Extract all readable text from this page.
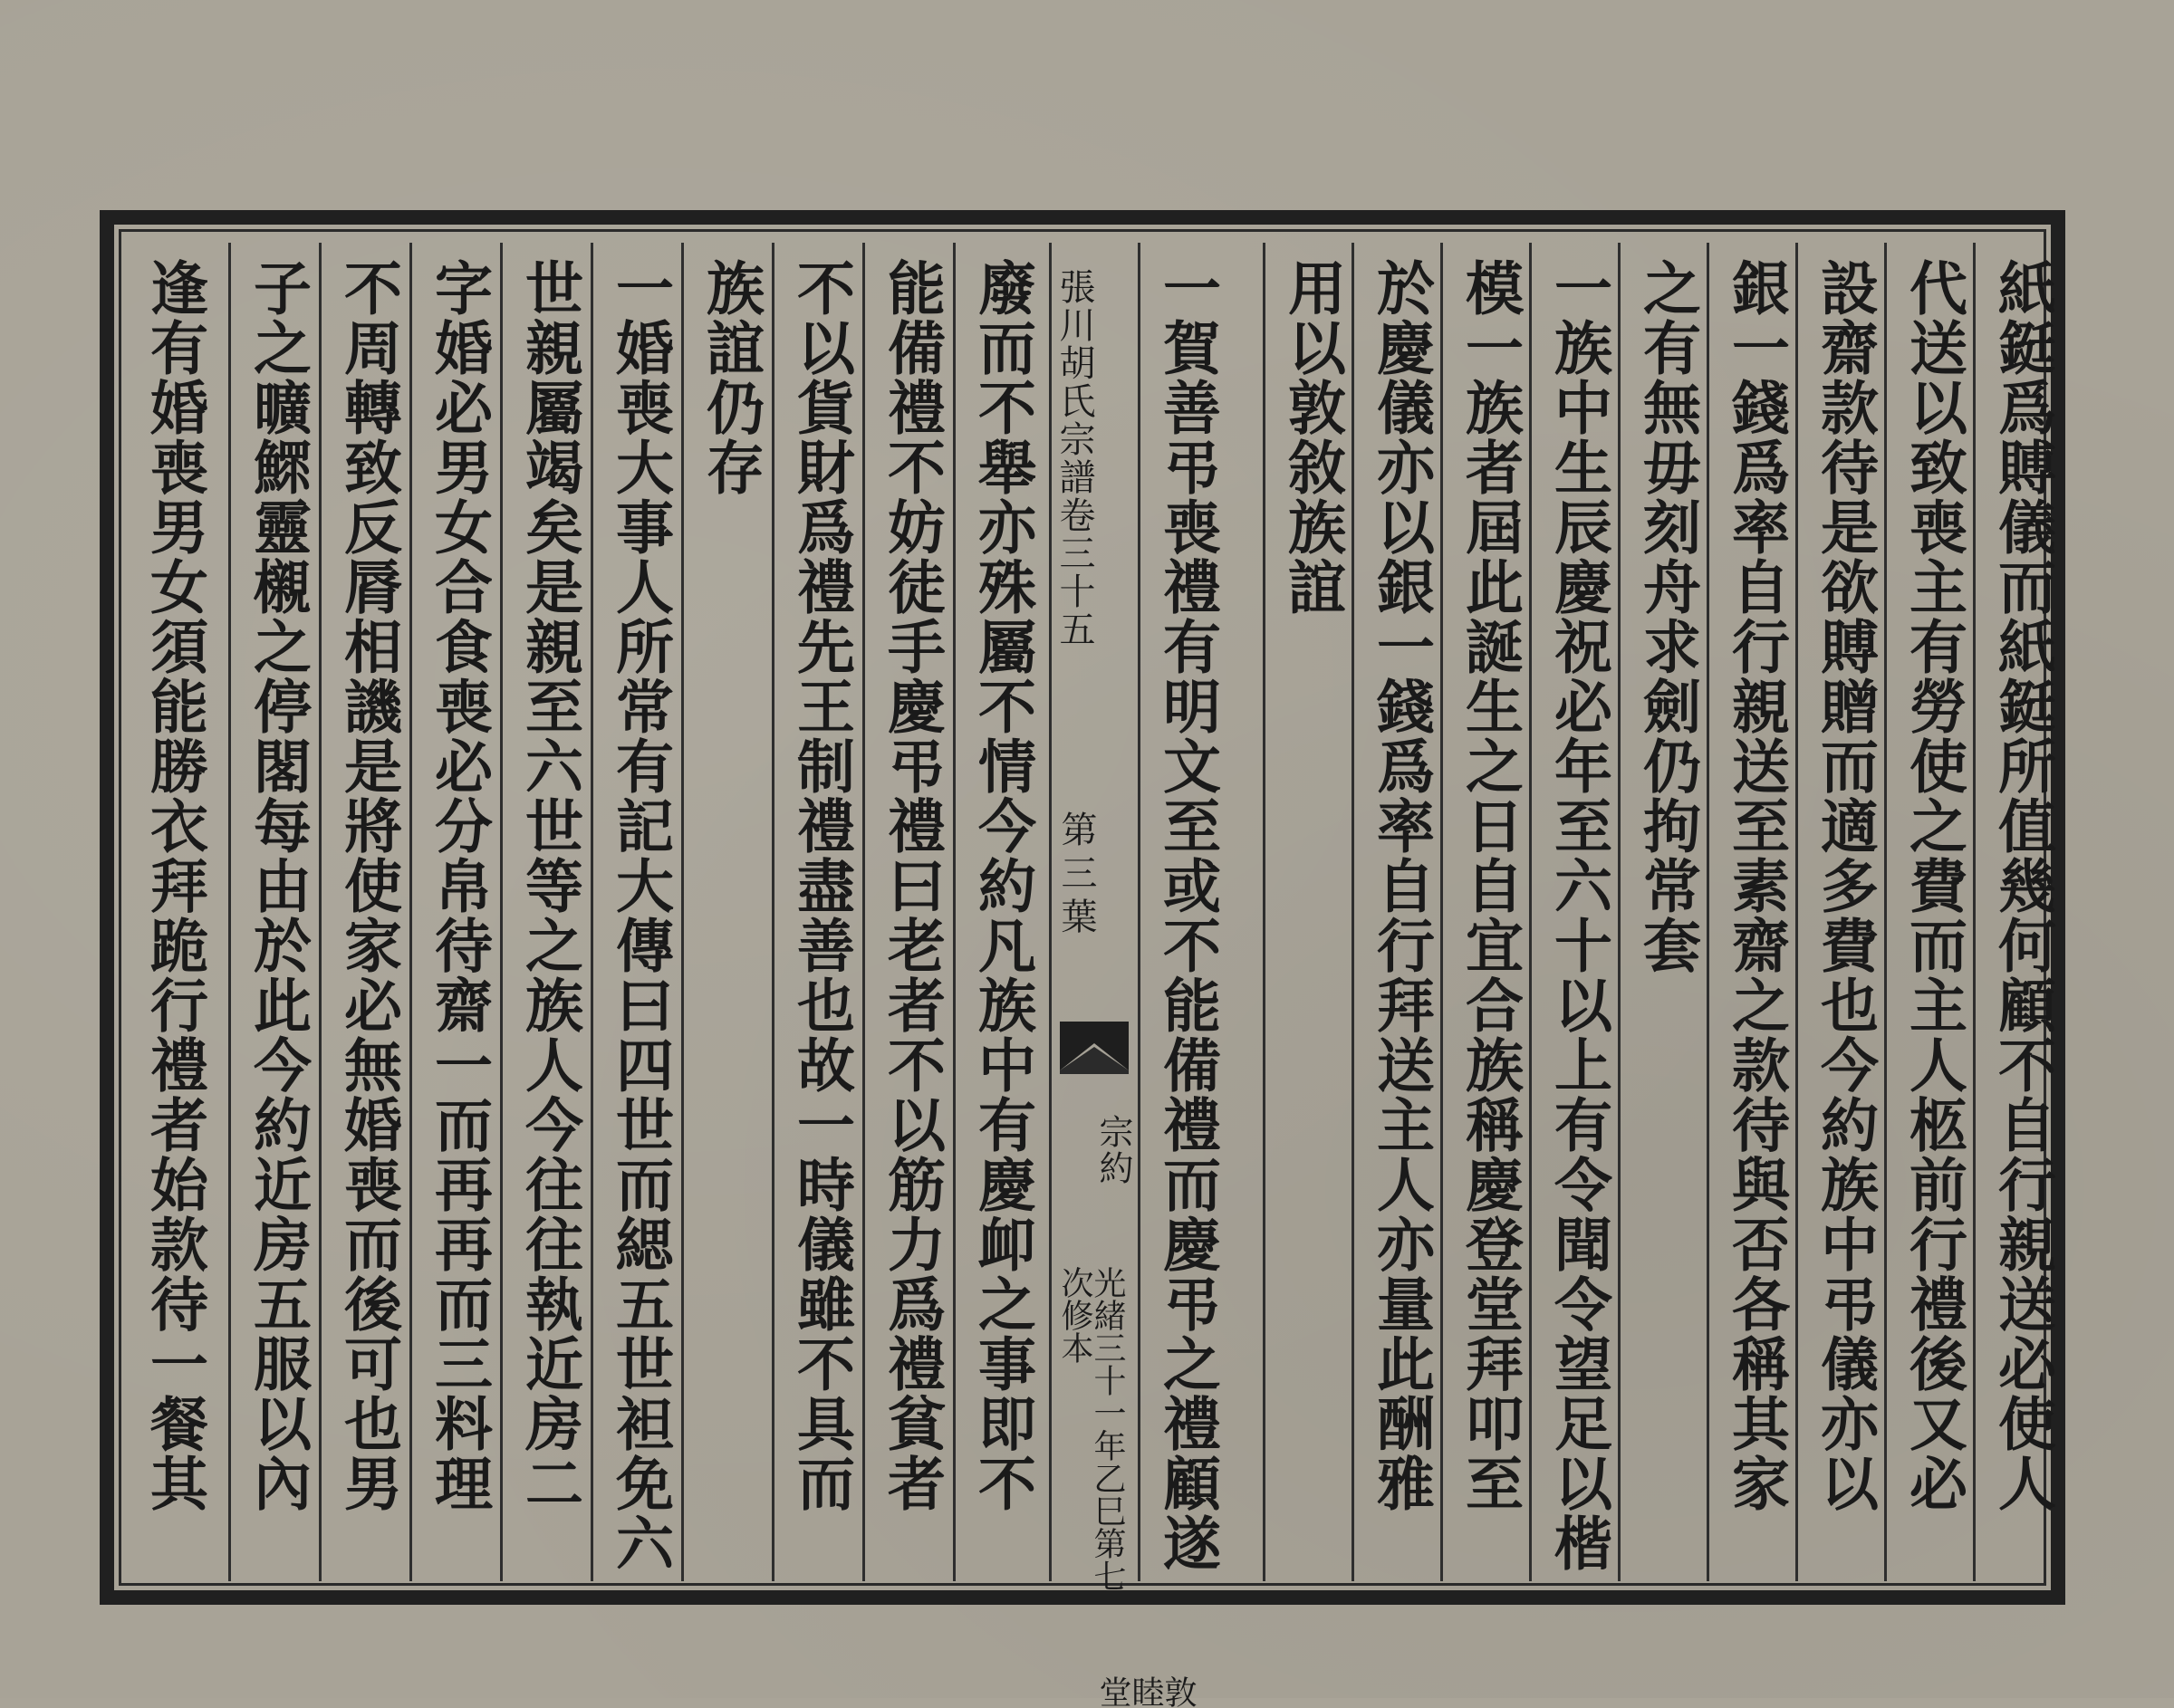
紙鋌爲賻儀而紙鋌所值幾何顧不自行親送必使人
代送以致喪主有勞使之費而主人柩前行禮後又必
設齋款待是欲賻贈而適多費也今約族中弔儀亦以
銀一錢爲率自行親送至素齋之款待與否各稱其家
之有無毋刻舟求劍仍拘常套
一族中生辰慶祝必年至六十以上有令聞令望足以楷
模一族者屆此誕生之日自宜合族稱慶登堂拜叩至
於慶儀亦以銀一錢爲率自行拜送主人亦量此酬雅
用以敦敘族誼
一賀善弔喪禮有明文至或不能備禮而慶弔之禮顧遂
張川胡氏宗譜卷三十五
第三葉
宗約
光緒三十一年乙巳第七次修本
敦睦堂
廢而不舉亦殊屬不情今約凡族中有慶卹之事即不
能備禮不妨徒手慶弔禮曰老者不以筋力爲禮貧者
不以貨財爲禮先王制禮盡善也故一時儀雖不具而
族誼仍存
一婚喪大事人所常有記大傳曰四世而緦五世袒免六
世親屬竭矣是親至六世等之族人今往往執近房二
字婚必男女合食喪必分帛待齋一而再再而三料理
不周轉致反脣相譏是將使家必無婚喪而後可也男
子之曠鰥靈櫬之停閣每由於此今約近房五服以內
逢有婚喪男女須能勝衣拜跪行禮者始款待一餐其
